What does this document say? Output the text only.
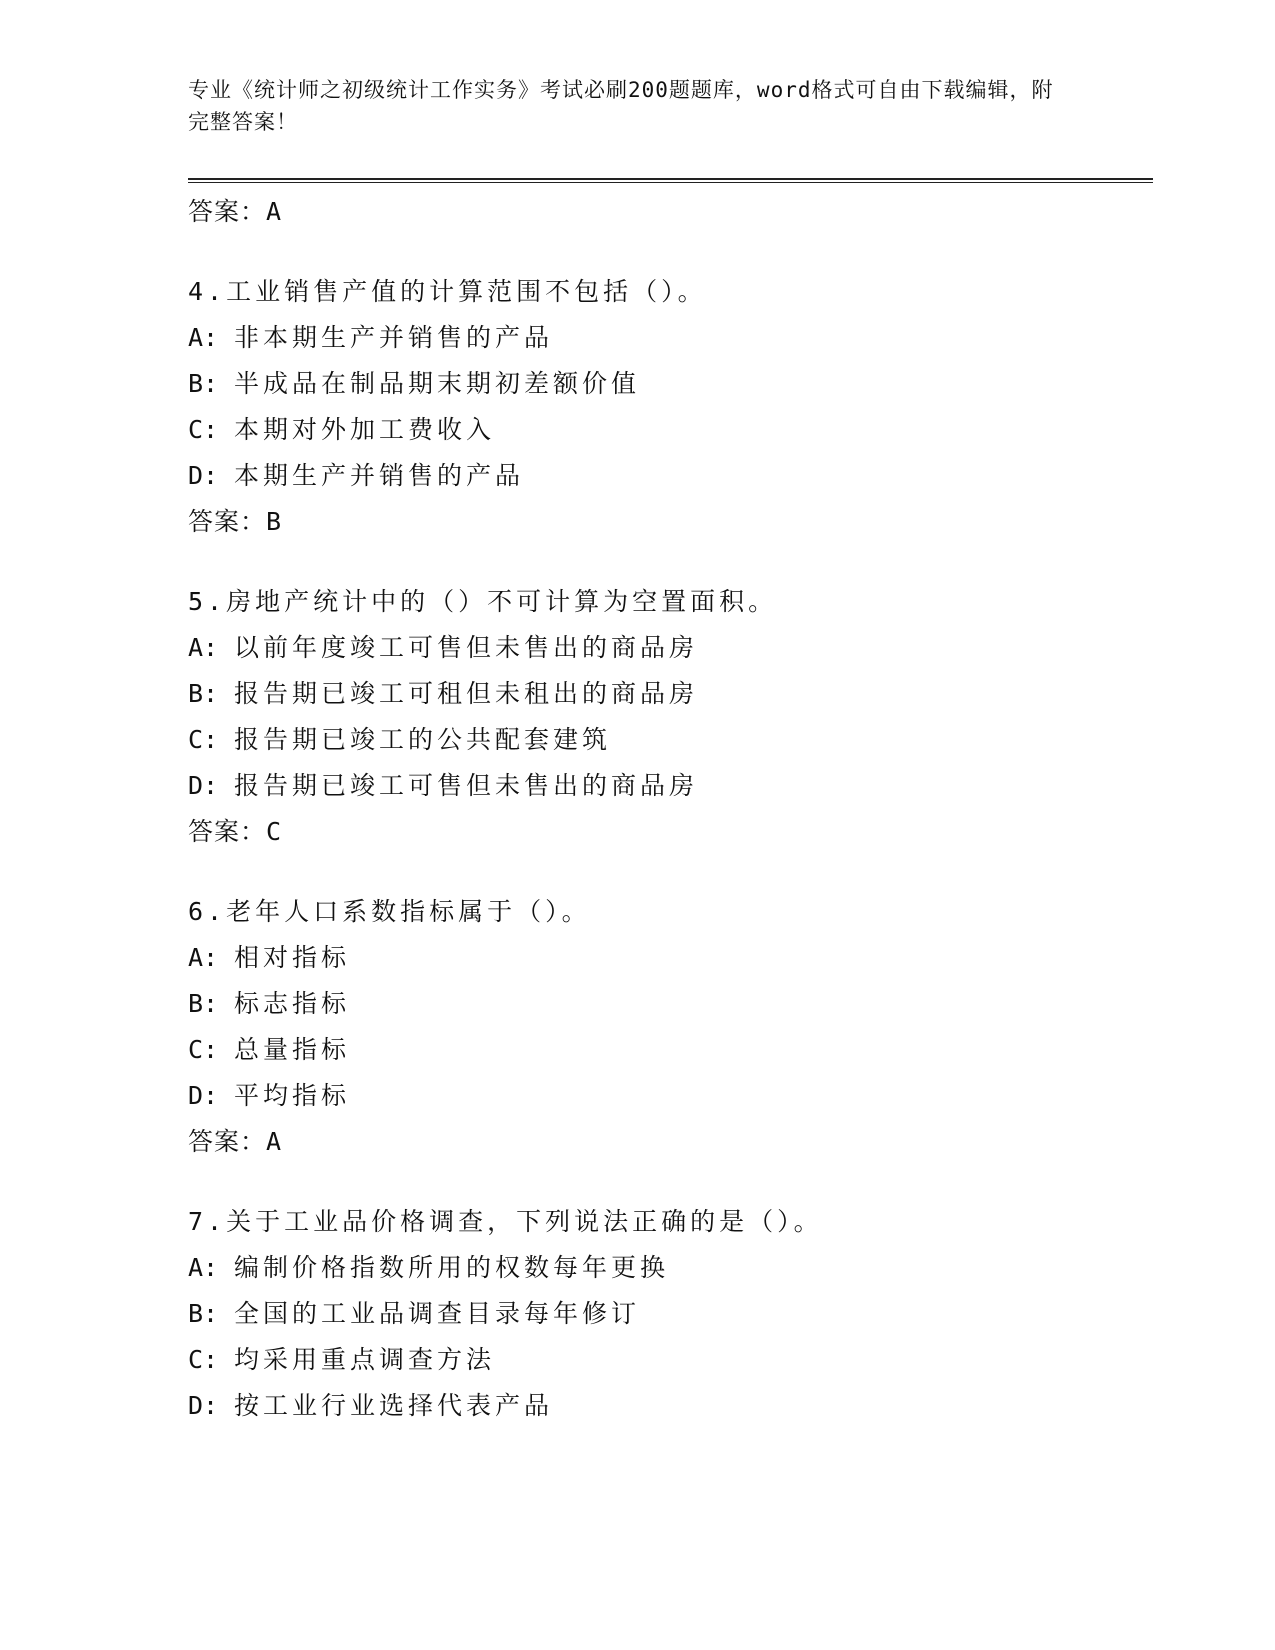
专业《统计师之初级统计工作实务》考试必刷200题题库，word格式可自由下载编辑，附完整答案！
答案：A
4.工业销售产值的计算范围不包括（）。
A: 非本期生产并销售的产品
B: 半成品在制品期末期初差额价值
C: 本期对外加工费收入
D: 本期生产并销售的产品
答案：B
5.房地产统计中的（）不可计算为空置面积。
A: 以前年度竣工可售但未售出的商品房
B: 报告期已竣工可租但未租出的商品房
C: 报告期已竣工的公共配套建筑
D: 报告期已竣工可售但未售出的商品房
答案：C
6.老年人口系数指标属于（）。
A: 相对指标
B: 标志指标
C: 总量指标
D: 平均指标
答案：A
7.关于工业品价格调查，下列说法正确的是（）。
A: 编制价格指数所用的权数每年更换
B: 全国的工业品调查目录每年修订
C: 均采用重点调查方法
D: 按工业行业选择代表产品
